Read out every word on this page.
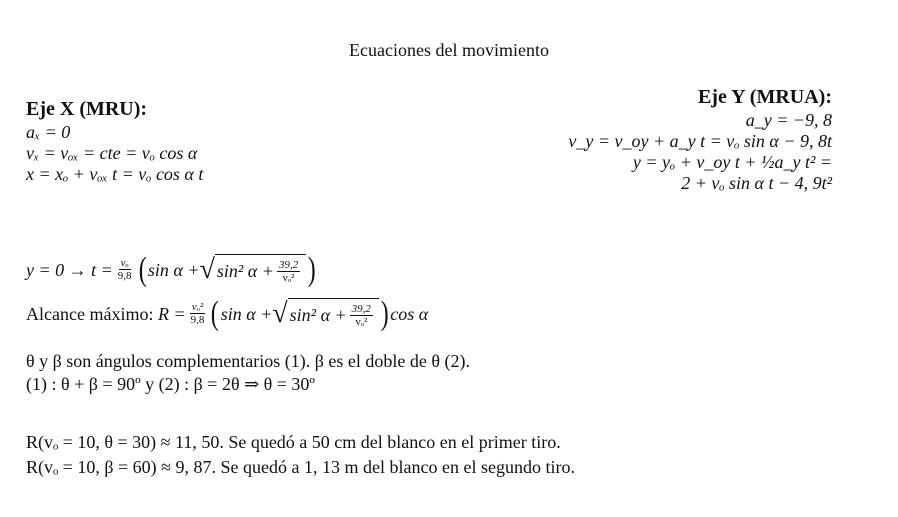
Ecuaciones del movimiento
Eje X (MRU):
aₓ = 0
vₓ = vₒₓ = cte = vₒ cos α
x = xₒ + vₒₓ t = vₒ cos α t
Eje Y (MRUA):
a_y = −9, 8
v_y = v_oy + a_y t = vₒ sin α − 9, 8t
y = yₒ + v_oy t + ½a_y t² =
2 + vₒ sin α t − 4, 9t²
$y = 0 \to t = \frac{\text{vₒ}}{9,8}$ ( sin α + √ sin² $\alpha + \frac{39,2}{\text{vₒ²}}$ )
Alcance máximo:
$R = \frac{\text{vₒ²}}{9,8}$ ( sin α + √ sin² $\alpha + \frac{39,2}{\text{vₒ²}}$ ) cos α
θ y β son ángulos complementarios (1). β es el doble de θ (2).
(1) : θ + β = 90º y (2) : β = 2θ ⇒ θ = 30º
R(vₒ = 10, θ = 30) ≈ 11, 50. Se quedó a 50 cm del blanco en el primer tiro.
R(vₒ = 10, β = 60) ≈ 9, 87. Se quedó a 1, 13 m del blanco en el segundo tiro.
